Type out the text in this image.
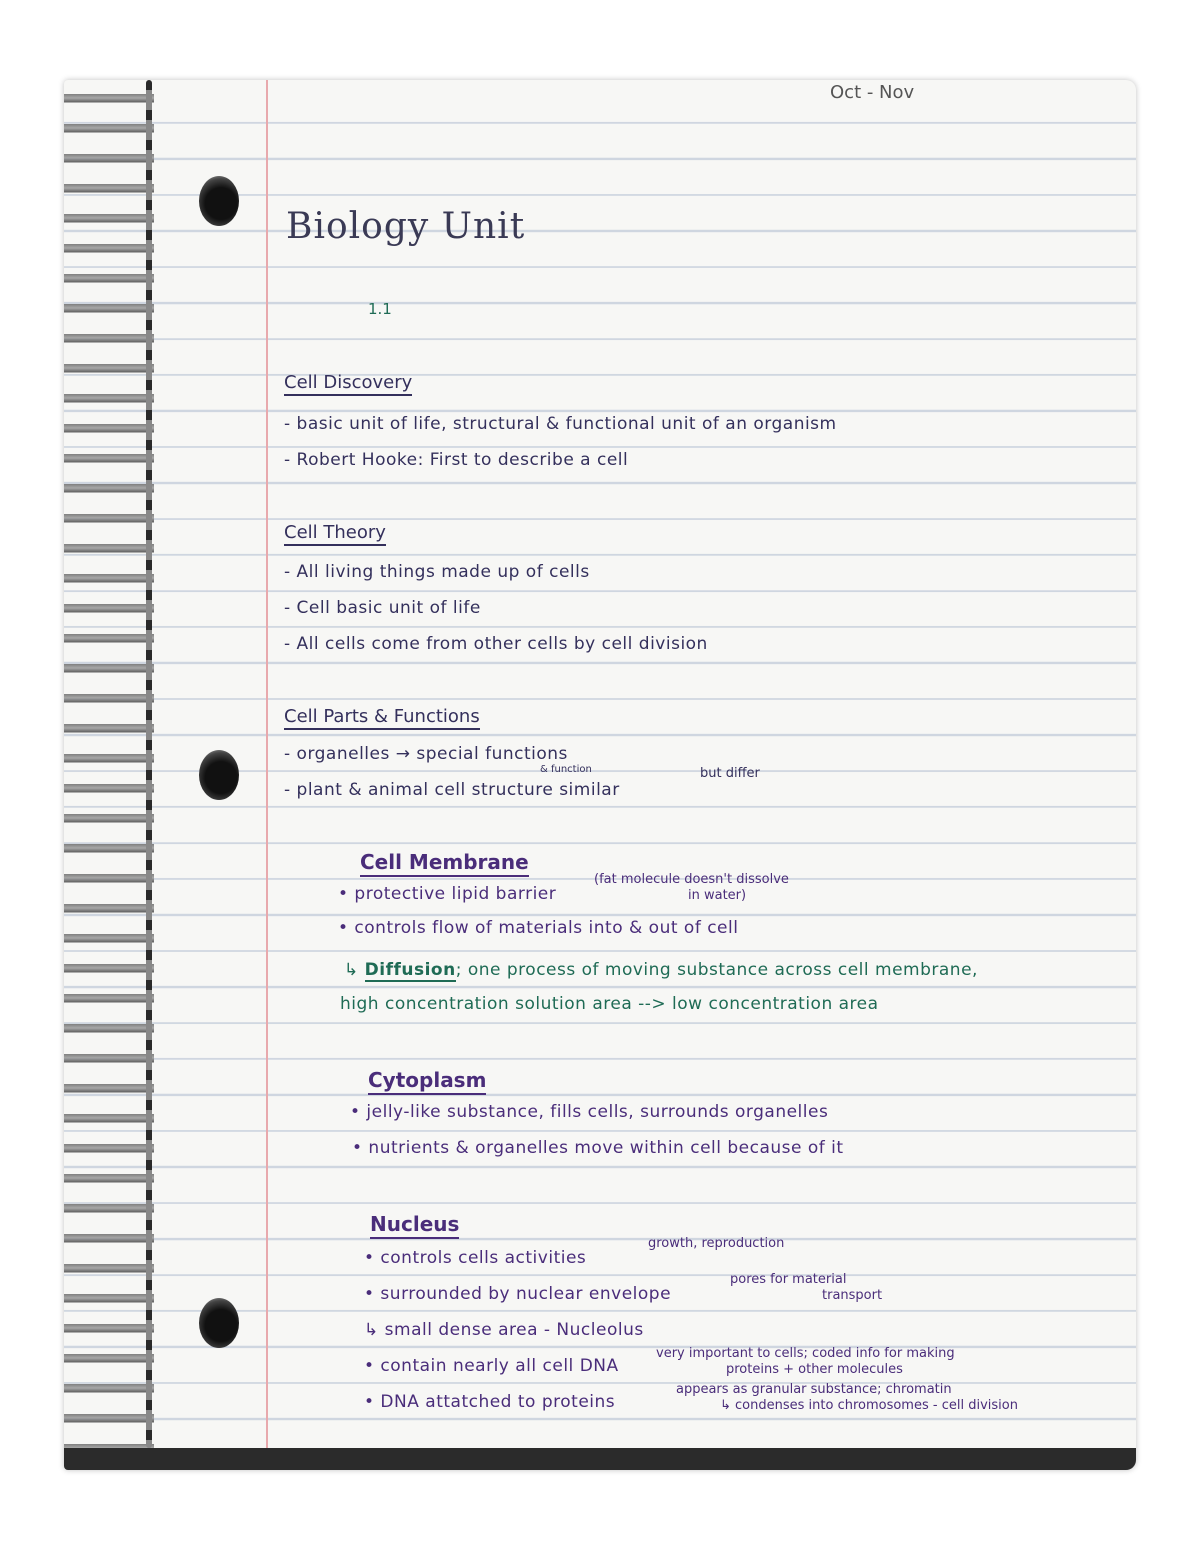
Oct - Nov
Biology Unit
1.1
Cell Discovery
- basic unit of life, structural & functional unit of an organism
- Robert Hooke: First to describe a cell
Cell Theory
- All living things made up of cells
- Cell basic unit of life
- All cells come from other cells by cell division
Cell Parts & Functions
- organelles → special functions
& function
- plant & animal cell structure similar
but differ
Cell Membrane
• protective lipid barrier
(fat molecule doesn't dissolve
in water)
• controls flow of materials into & out of cell
↳ Diffusion; one process of moving substance across cell membrane,
high concentration solution area --> low concentration area
Cytoplasm
• jelly-like substance, fills cells, surrounds organelles
• nutrients & organelles move within cell because of it
Nucleus
• controls cells activities
growth, reproduction
• surrounded by nuclear envelope
pores for material
transport
↳ small dense area - Nucleolus
• contain nearly all cell DNA
very important to cells; coded info for making
proteins + other molecules
• DNA attatched to proteins
appears as granular substance; chromatin
↳ condenses into chromosomes - cell division
